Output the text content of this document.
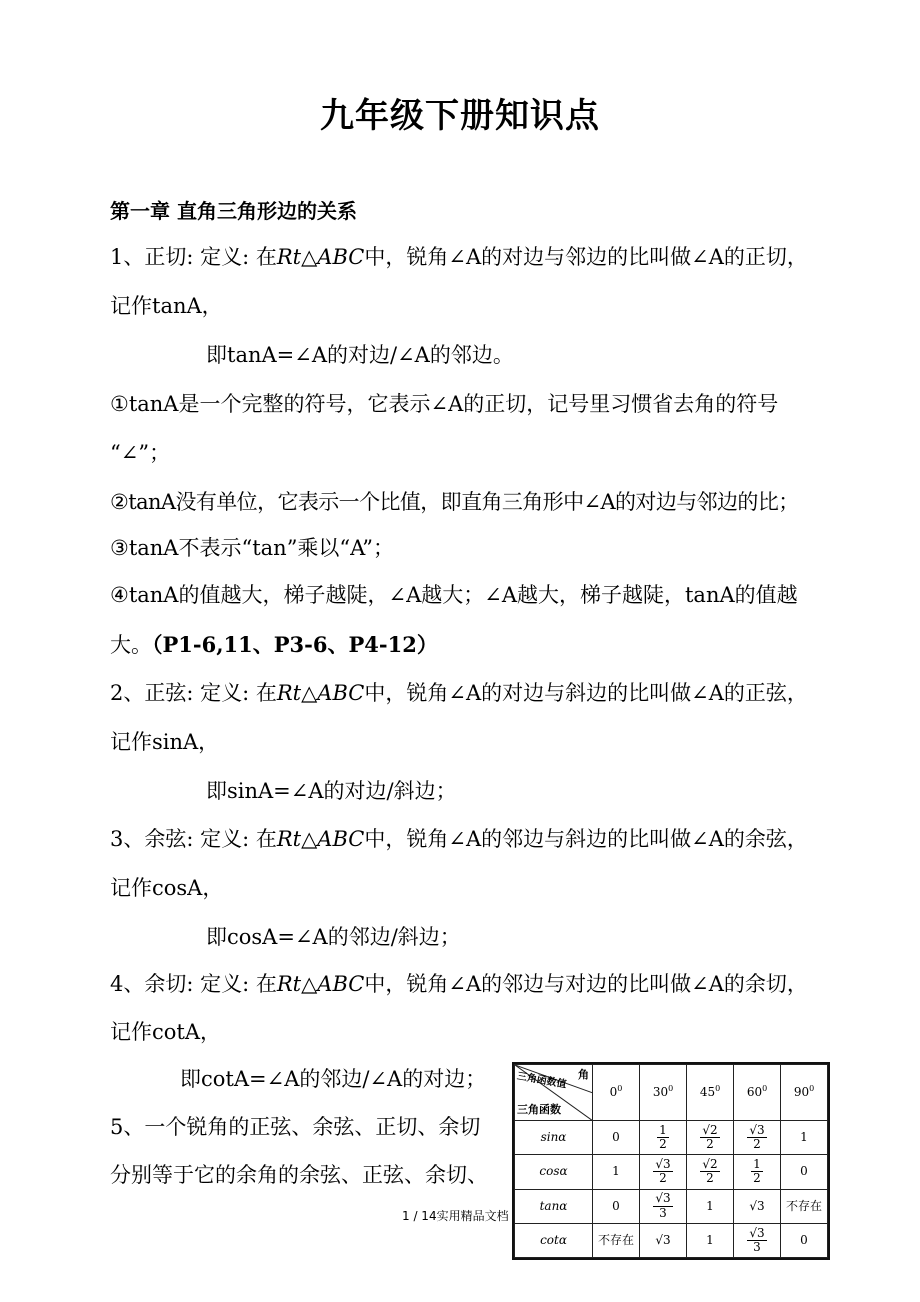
九年级下册知识点
第一章 直角三角形边的关系
1、正切: 定义: 在Rt△ABC中，锐角∠A的对边与邻边的比叫做∠A的正切，
记作tanA，
即tanA=∠A的对边/∠A的邻边。
①tanA是一个完整的符号，它表示∠A的正切，记号里习惯省去角的符号
“∠”；
②tanA没有单位，它表示一个比值，即直角三角形中∠A的对边与邻边的比；
③tanA不表示“tan”乘以“A”；
④tanA的值越大，梯子越陡，∠A越大；∠A越大，梯子越陡，tanA的值越
大。（P1-6,11、P3-6、P4-12）
2、正弦: 定义: 在Rt△ABC中，锐角∠A的对边与斜边的比叫做∠A的正弦，
记作sinA，
即sinA=∠A的对边/斜边；
3、余弦: 定义: 在Rt△ABC中，锐角∠A的邻边与斜边的比叫做∠A的余弦，
记作cosA，
即cosA=∠A的邻边/斜边；
4、余切: 定义: 在Rt△ABC中，锐角∠A的邻边与对边的比叫做∠A的余切，
记作cotA，
即cotA=∠A的邻边/∠A的对边；
5、一个锐角的正弦、余弦、正切、余切
分别等于它的余角的余弦、正弦、余切、
1 / 14实用精品文档
角
三角函数值
三角函数	$0^0$	$30^0$	$45^0$	$60^0$	$90^0$
sinα	0	$\frac{1}{2}$	$\frac{√2}{2}$	$\frac{√3}{2}$	1
cosα	1	$\frac{√3}{2}$	$\frac{√2}{2}$	$\frac{1}{2}$	0
tanα	0	$\frac{√3}{3}$	1	√3	不存在
cotα	不存在	√3	1	$\frac{√3}{3}$	0
